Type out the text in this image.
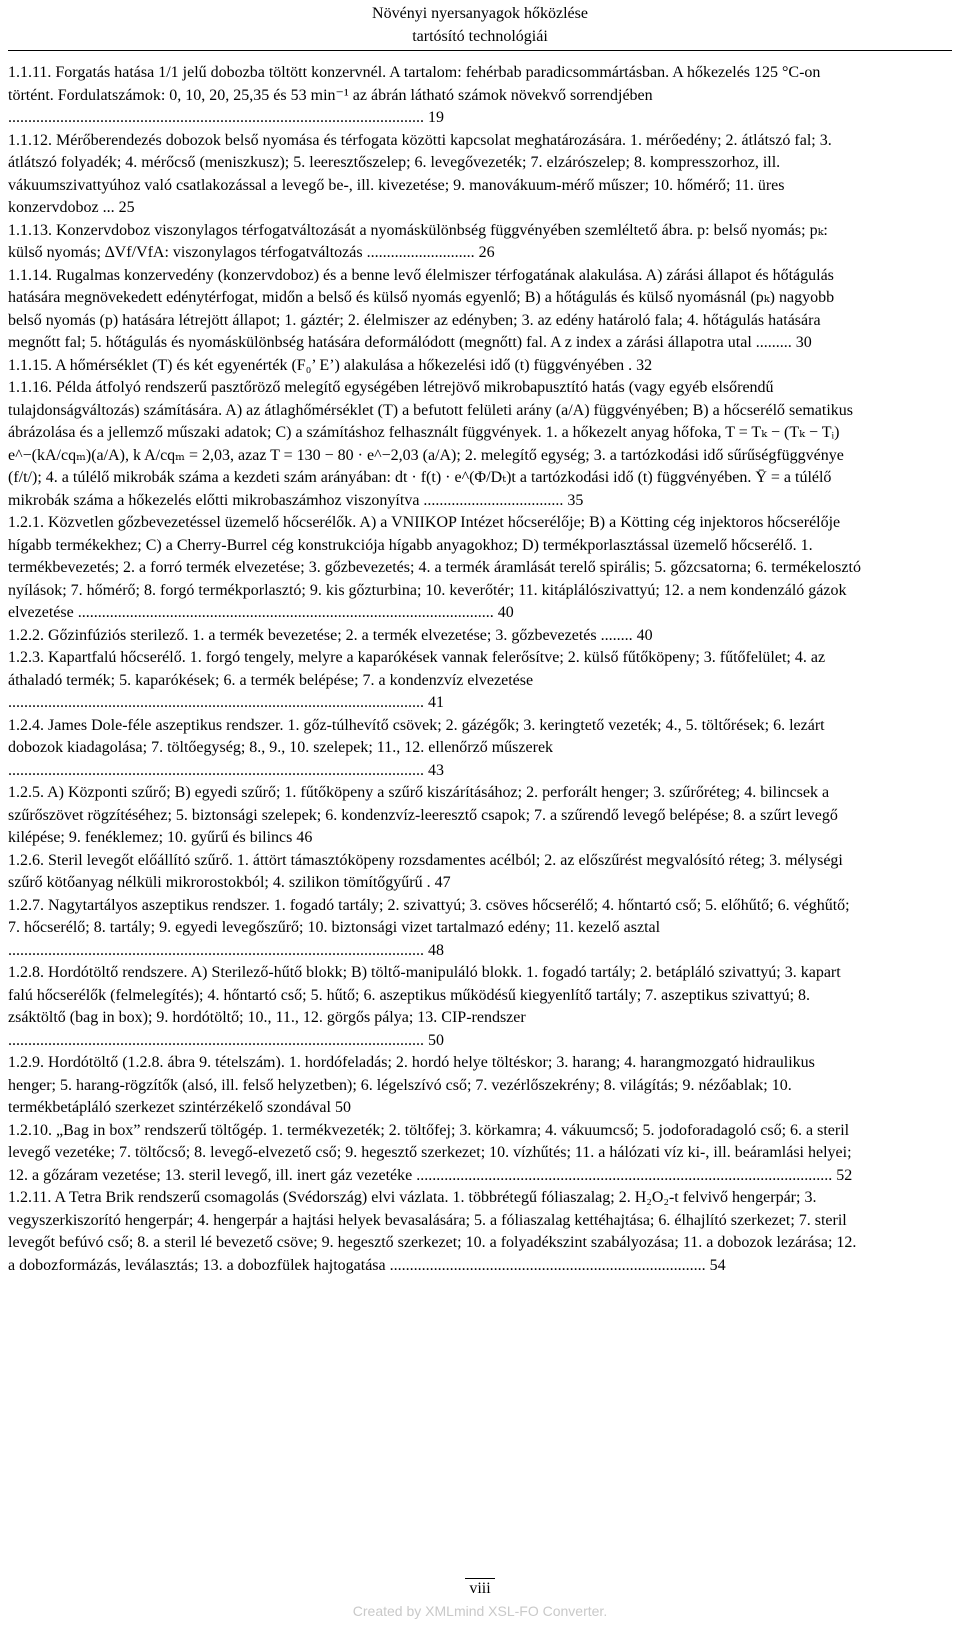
Növényi nyersanyagok hőközlése
tartósító technológiái

1.1.11. Forgatás hatása 1/1 jelű dobozba töltött konzervnél. A tartalom: fehérbab paradicsommártásban. A hőkezelés 125 °C-on történt. Fordulatszámok: 0, 10, 20, 25,35 és 53 min⁻¹ az ábrán látható számok növekvő sorrendjében ........................................................................................................ 19

1.1.12. Mérőberendezés dobozok belső nyomása és térfogata közötti kapcsolat meghatározására. 1. mérőedény; 2. átlátszó fal; 3. átlátszó folyadék; 4. mérőcső (meniszkusz); 5. leeresztőszelep; 6. levegővezeték; 7. elzárószelep; 8. kompresszorhoz, ill. vákuumszivattyúhoz való csatlakozással a levegő be-, ill. kivezetése; 9. manovákuum-mérő műszer; 10. hőmérő; 11. üres konzervdoboz ... 25

1.1.13. Konzervdoboz viszonylagos térfogatváltozását a nyomáskülönbség függvényében szemléltető ábra. p: belső nyomás; pₖ: külső nyomás; ∆Vf/VfA: viszonylagos térfogatváltozás ........................... 26

1.1.14. Rugalmas konzervedény (konzervdoboz) és a benne levő élelmiszer térfogatának alakulása. A) zárási állapot és hőtágulás hatására megnövekedett edénytérfogat, midőn a belső és külső nyomás egyenlő; B) a hőtágulás és külső nyomásnál (pₖ) nagyobb belső nyomás (p) hatására létrejött állapot; 1. gáztér; 2. élelmiszer az edényben; 3. az edény határoló fala; 4. hőtágulás hatására megnőtt fal; 5. hőtágulás és nyomáskülönbség hatására deformálódott (megnőtt) fal. A z index a zárási állapotra utal ......... 30

1.1.15. A hőmérséklet (T) és két egyenérték (F₀’ E’) alakulása a hőkezelési idő (t) függvényében . 32

1.1.16. Példa átfolyó rendszerű pasztőröző melegítő egységében létrejövő mikrobapusztító hatás (vagy egyéb elsőrendű tulajdonságváltozás) számítására. A) az átlaghőmérséklet (T) a befutott felületi arány (a/A) függvényében; B) a hőcserélő sematikus ábrázolása és a jellemző műszaki adatok; C) a számításhoz felhasznált függvények. 1. a hőkezelt anyag hőfoka, T = Tₖ − (Tₖ − Tᵢ) e^−(kA/cqₘ)(a/A), k A/cqₘ = 2,03, azaz T = 130 − 80 · e^−2,03 (a/A); 2. melegítő egység; 3. a tartózkodási idő sűrűségfüggvénye (f/t/); 4. a túlélő mikrobák száma a kezdeti szám arányában: dt · f(t) · e^(Φ/Dₜ)t a tartózkodási idő (t) függvényében. Ȳ = a túlélő mikrobák száma a hőkezelés előtti mikrobaszámhoz viszonyítva ................................... 35

1.2.1. Közvetlen gőzbevezetéssel üzemelő hőcserélők. A) a VNIIKOP Intézet hőcserélője; B) a Kötting cég injektoros hőcserélője hígabb termékekhez; C) a Cherry-Burrel cég konstrukciója hígabb anyagokhoz; D) termékporlasztással üzemelő hőcserélő. 1. termékbevezetés; 2. a forró termék elvezetése; 3. gőzbevezetés; 4. a termék áramlását terelő spirális; 5. gőzcsatorna; 6. termékelosztó nyílások; 7. hőmérő; 8. forgó termékporlasztó; 9. kis gőzturbina; 10. keverőtér; 11. kitáplálószivattyú; 12. a nem kondenzáló gázok elvezetése ........................................................................................................ 40

1.2.2. Gőzinfúziós sterilező. 1. a termék bevezetése; 2. a termék elvezetése; 3. gőzbevezetés ........ 40

1.2.3. Kapartfalú hőcserélő. 1. forgó tengely, melyre a kaparókések vannak felerősítve; 2. külső fűtőköpeny; 3. fűtőfelület; 4. az áthaladó termék; 5. kaparókések; 6. a termék belépése; 7. a kondenzvíz elvezetése ........................................................................................................ 41

1.2.4. James Dole-féle aszeptikus rendszer. 1. gőz-túlhevítő csövek; 2. gázégők; 3. keringtető vezeték; 4., 5. töltőrések; 6. lezárt dobozok kiadagolása; 7. töltőegység; 8., 9., 10. szelepek; 11., 12. ellenőrző műszerek ........................................................................................................ 43

1.2.5. A) Központi szűrő; B) egyedi szűrő; 1. fűtőköpeny a szűrő kiszárításához; 2. perforált henger; 3. szűrőréteg; 4. bilincsek a szűrőszövet rögzítéséhez; 5. biztonsági szelepek; 6. kondenzvíz-leeresztő csapok; 7. a szűrendő levegő belépése; 8. a szűrt levegő kilépése; 9. fenéklemez; 10. gyűrű és bilincs 46

1.2.6. Steril levegőt előállító szűrő. 1. áttört támasztóköpeny rozsdamentes acélból; 2. az előszűrést megvalósító réteg; 3. mélységi szűrő kötőanyag nélküli mikrorostokból; 4. szilikon tömítőgyűrű . 47

1.2.7. Nagytartályos aszeptikus rendszer. 1. fogadó tartály; 2. szivattyú; 3. csöves hőcserélő; 4. hőntartó cső; 5. előhűtő; 6. véghűtő; 7. hőcserélő; 8. tartály; 9. egyedi levegőszűrő; 10. biztonsági vizet tartalmazó edény; 11. kezelő asztal ........................................................................................................ 48

1.2.8. Hordótöltő rendszere. A) Sterilező-hűtő blokk; B) töltő-manipuláló blokk. 1. fogadó tartály; 2. betápláló szivattyú; 3. kapart falú hőcserélők (felmelegítés); 4. hőntartó cső; 5. hűtő; 6. aszeptikus működésű kiegyenlítő tartály; 7. aszeptikus szivattyú; 8. zsáktöltő (bag in box); 9. hordótöltő; 10., 11., 12. görgős pálya; 13. CIP-rendszer ........................................................................................................ 50

1.2.9. Hordótöltő (1.2.8. ábra 9. tételszám). 1. hordófeladás; 2. hordó helye töltéskor; 3. harang; 4. harangmozgató hidraulikus henger; 5. harang-rögzítők (alsó, ill. felső helyzetben); 6. légelszívó cső; 7. vezérlőszekrény; 8. világítás; 9. nézőablak; 10. termékbetápláló szerkezet szintérzékelő szondával 50

1.2.10. „Bag in box” rendszerű töltőgép. 1. termékvezeték; 2. töltőfej; 3. körkamra; 4. vákuumcső; 5. jodoforadagoló cső; 6. a steril levegő vezetéke; 7. töltőcső; 8. levegő-elvezető cső; 9. hegesztő szerkezet; 10. vízhűtés; 11. a hálózati víz ki-, ill. beáramlási helyei; 12. a gőzáram vezetése; 13. steril levegő, ill. inert gáz vezetéke ........................................................................................................ 52

1.2.11. A Tetra Brik rendszerű csomagolás (Svédország) elvi vázlata. 1. többrétegű fóliaszalag; 2. H₂O₂-t felvivő hengerpár; 3. vegyszerkiszorító hengerpár; 4. hengerpár a hajtási helyek bevasalására; 5. a fóliaszalag kettéhajtása; 6. élhajlító szerkezet; 7. steril levegőt befúvó cső; 8. a steril lé bevezető csöve; 9. hegesztő szerkezet; 10. a folyadékszint szabályozása; 11. a dobozok lezárása; 12. a dobozformázás, leválasztás; 13. a dobozfülek hajtogatása ............................................................................... 54

viii
Created by XMLmind XSL-FO Converter.
